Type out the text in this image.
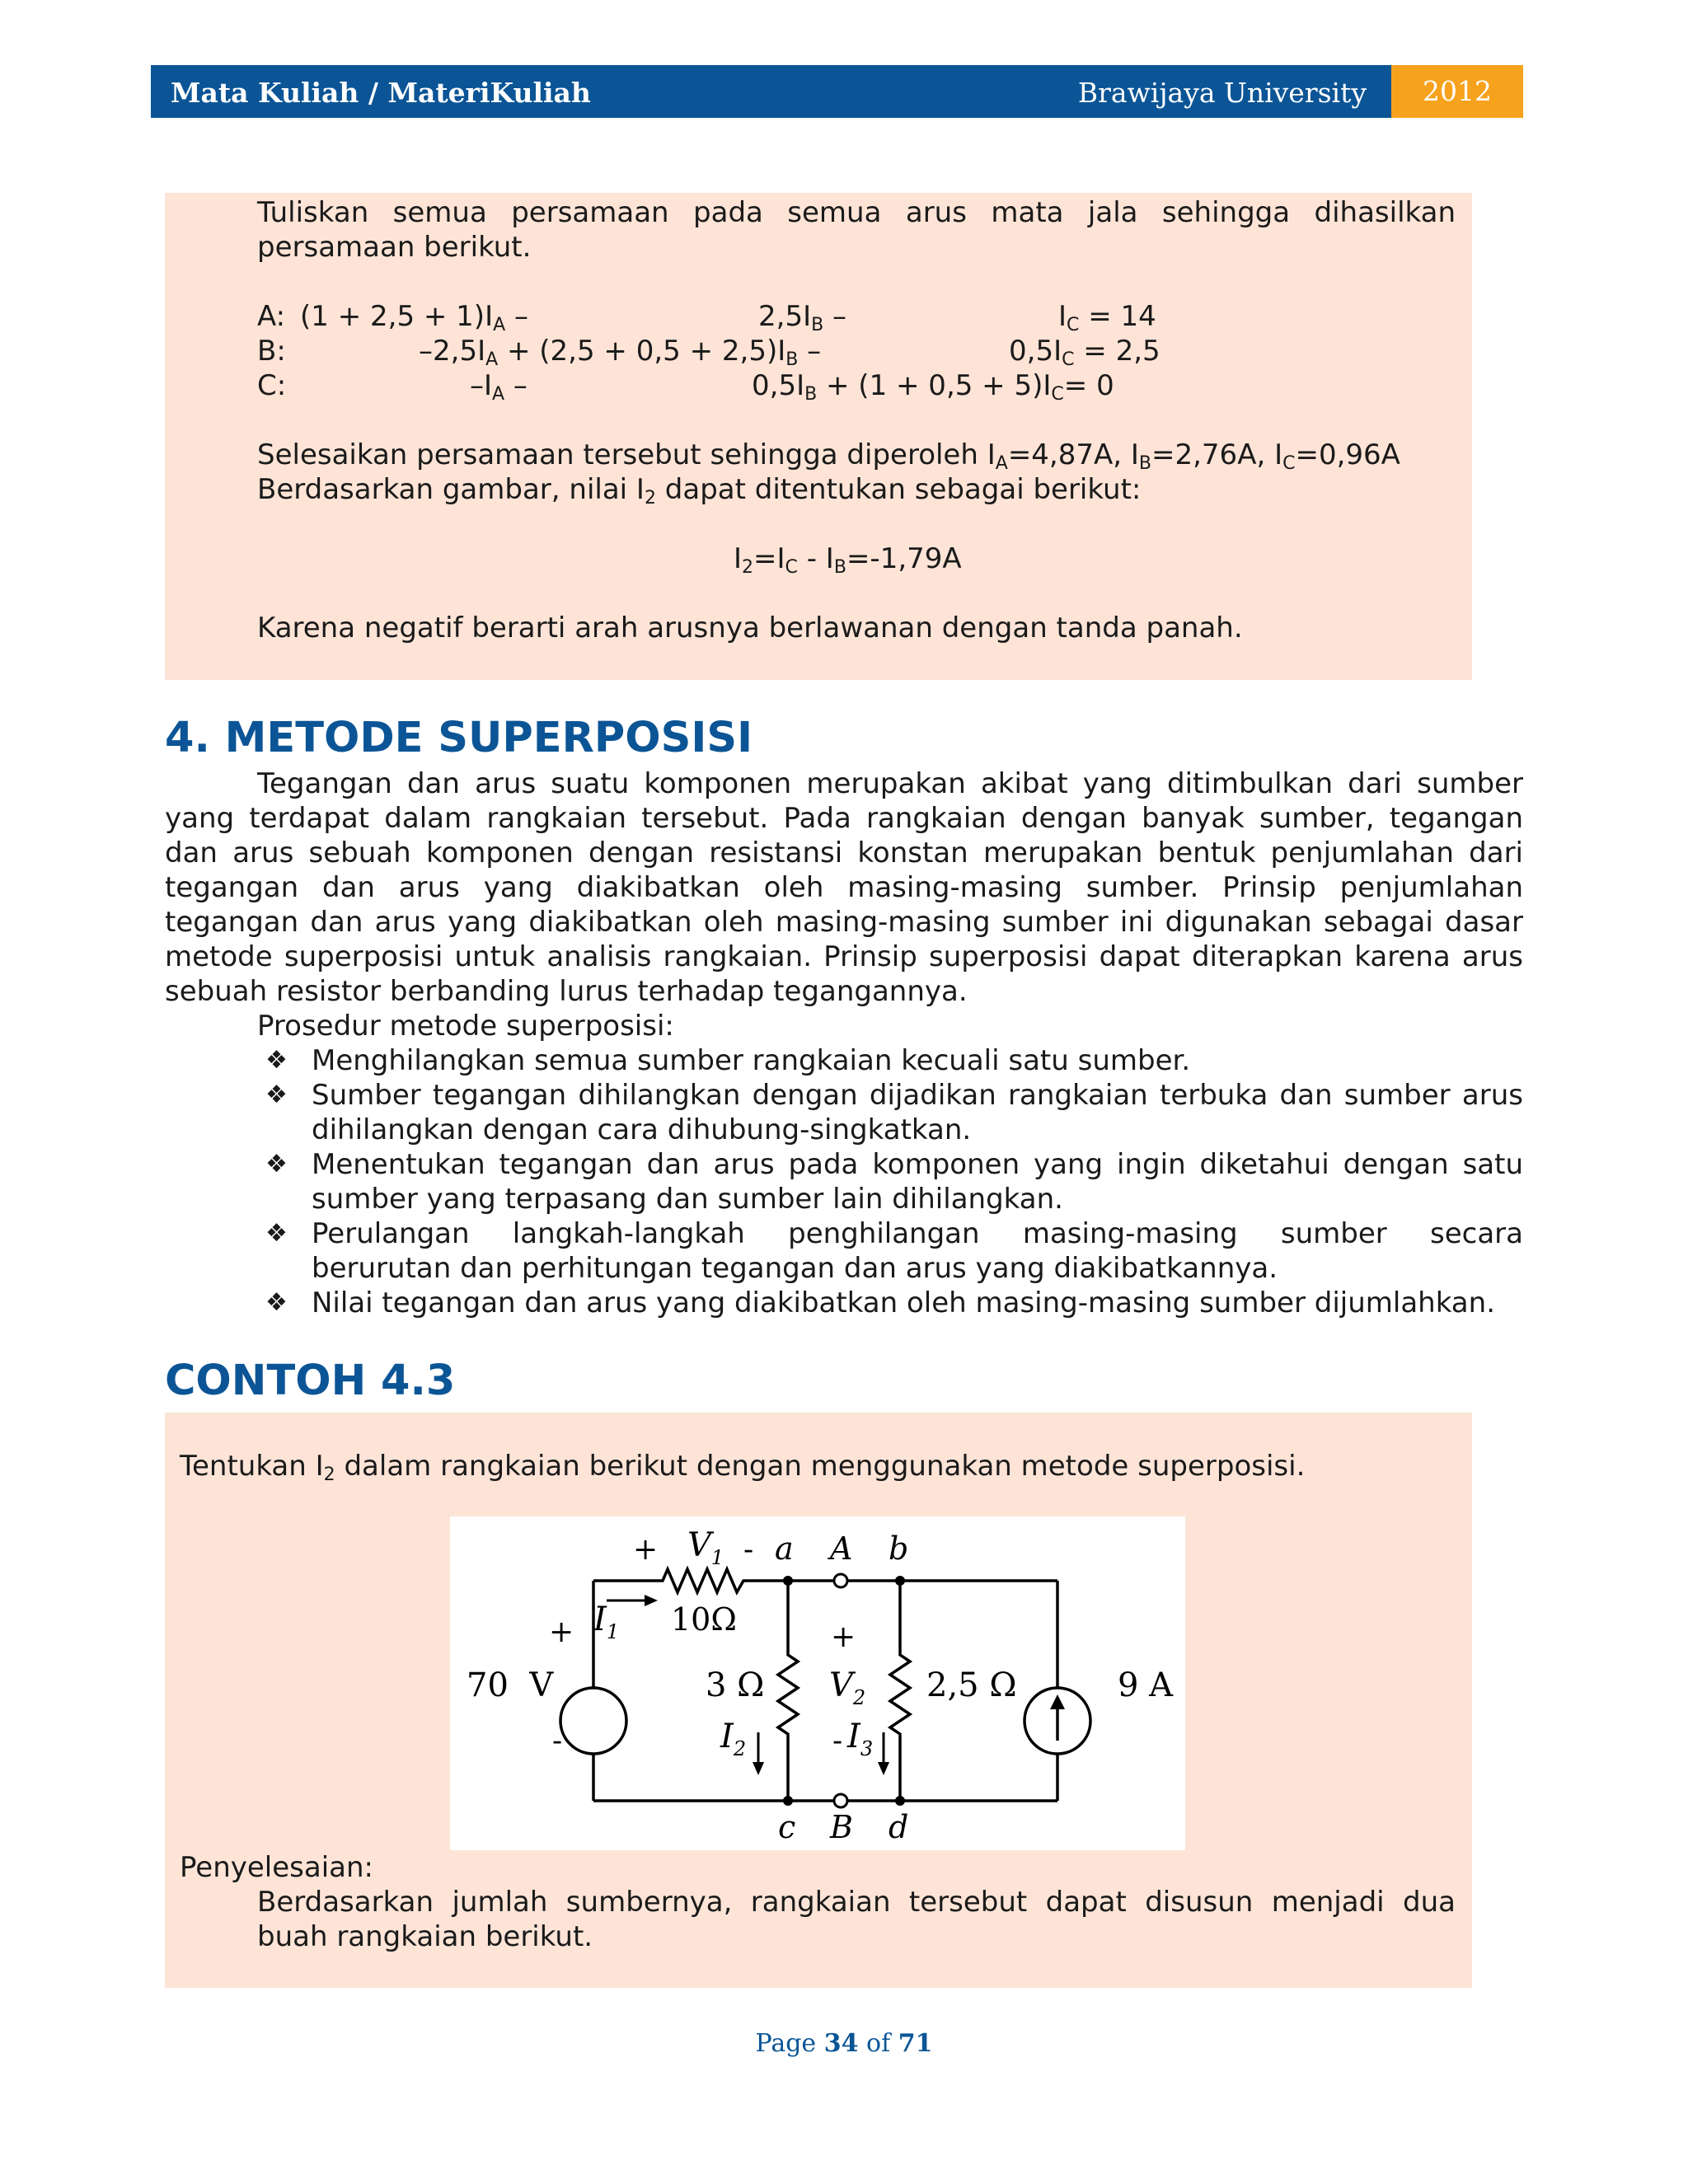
Mata Kuliah / MateriKuliah	Brawijaya University	2012
Tuliskan semua persamaan pada semua arus mata jala sehingga dihasilkan
persamaan berikut.
A: $(1 + 2,5 + 1)I_A$ –	$2,5I_B$ –	$I_C = 14$
B:	$-2,5I_A + (2,5 + 0,5 + 2,5)I_B$ –	$0,5I_C = 2,5$
C:	$-I_A$ –	$0,5I_B + (1 + 0,5 + 5)I_C= 0$
Selesaikan persamaan tersebut sehingga diperoleh $I_A=4,87A$, $I_B=2,76A$, $I_C=0,96A$
Berdasarkan gambar, nilai $I_2$ dapat ditentukan sebagai berikut:
$I_2=I_C - I_B=-1,79A$
Karena negatif berarti arah arusnya berlawanan dengan tanda panah.
4. METODE SUPERPOSISI
Tegangan dan arus suatu komponen merupakan akibat yang ditimbulkan dari sumber
yang terdapat dalam rangkaian tersebut. Pada rangkaian dengan banyak sumber, tegangan
dan arus sebuah komponen dengan resistansi konstan merupakan bentuk penjumlahan dari
tegangan dan arus yang diakibatkan oleh masing-masing sumber. Prinsip penjumlahan
tegangan dan arus yang diakibatkan oleh masing-masing sumber ini digunakan sebagai dasar
metode superposisi untuk analisis rangkaian. Prinsip superposisi dapat diterapkan karena arus
sebuah resistor berbanding lurus terhadap tegangannya.
Prosedur metode superposisi:
❖ Menghilangkan semua sumber rangkaian kecuali satu sumber.
❖ Sumber tegangan dihilangkan dengan dijadikan rangkaian terbuka dan sumber arus
dihilangkan dengan cara dihubung-singkatkan.
❖ Menentukan tegangan dan arus pada komponen yang ingin diketahui dengan satu
sumber yang terpasang dan sumber lain dihilangkan.
❖ Perulangan langkah-langkah penghilangan masing-masing sumber secara
berurutan dan perhitungan tegangan dan arus yang diakibatkannya.
❖ Nilai tegangan dan arus yang diakibatkan oleh masing-masing sumber dijumlahkan.
CONTOH 4.3
Tentukan $I_2$ dalam rangkaian berikut dengan menggunakan metode superposisi.
+ $V_1$ - a A b
10Ω
$I_1$
+
70  V
-
3 Ω
$I_2$
+
$V_2$
- $I_3$
2,5 Ω	9 A
c B d
Penyelesaian:
Berdasarkan jumlah sumbernya, rangkaian tersebut dapat disusun menjadi dua
buah rangkaian berikut.
Page 34 of 71
